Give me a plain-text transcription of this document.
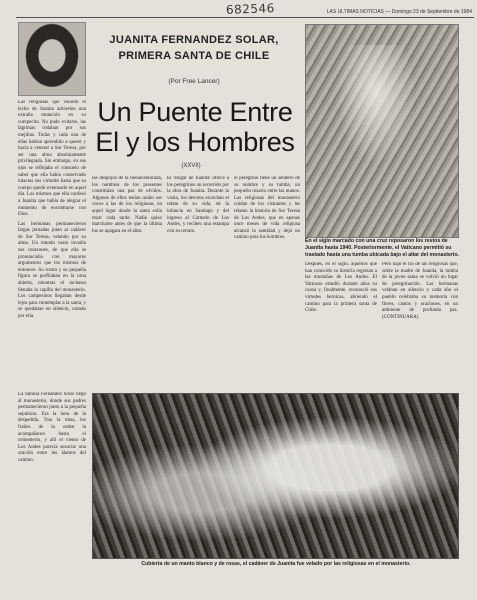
682546	LAS ULTIMAS NOTICIAS — Domingo 23 de Septiembre de 1984
JUANITA FERNANDEZ SOLAR,
PRIMERA SANTA DE CHILE
(Por Free Lancer)
En el siglo marcado con una cruz reposaron los restos de Juanita hasta 1940. Posteriormente, el Vaticano permitió su traslado hasta una tumba ubicada bajo el altar del monasterio.
Un Puente Entre
El y los Hombres
(XXVII)

Las religiosas que velaron el lecho de Juanita advierten una extraña mutación en su cuerpecito. No pudo evitarse, las lágrimas rodaban por sus mejillas. Todas y cada una de ellas habían aprendido a querer y hacia a venerar a Sor Teresa, por ser una alma absolutamente privilegiada. Sin embargo, en sus ojos se reflejaba el consuelo de saber que ella había conservado intactas sus virtudes hasta que su cuerpo quedó extenuado en aquel día. Los mismos que ella confesó a Juanita que había de alegrar el momento de encontrarse con Dios.

Las hermanas permanecieron largas jornadas junto al cadáver de Sor Teresa, velando por su alma. Un mundo vasto invadía sus corazones, de que ella se pronunciaba con mayores argumentos que los mismos de entonces. Su rostro y su pequeña figura se perfilaban en la urna abierta, mientras el incienso llenaba la capilla del monasterio. Los campesinos llegaban desde lejos para contemplar a la santa, y se quedaban en silencio, orando por ella.

La familia Fernández Solar llegó al monasterio, donde sus padres permanecieron junto a la pequeña sepultura. Era la hora de la despedida. Tras la misa, los frailes de la orden la acompañaron hasta el cementerio, y allí el viento de Los Andes parecía susurrar una oración entre los álamos del camino.

las despojos de la bienaventurada, los nombres de los presentes constituían una paz de olvidos. Algunos de ellos tenían unido sus voces a las de los religiosas, en aquel lugar donde la santa solía rezar cada tarde. Nadie quiso marcharse antes de que la última luz se apagara en el altar.

El 'Hogar de Juanita' ofrece a los peregrinos un recorrido por la obra de Juanita. Durante la visita, los devotos escuchan el relato de su vida, de la infancia en Santiago y del ingreso al Carmelo de Los Andes, y reciben una estampa con su retrato.

el peregrino tiene un sendero de su nombre y su tumba, un pequeño rosario entre las manos. Las religiosas del monasterio cuidan de los visitantes y les relatan la historia de Sor Teresa de Los Andes, que en apenas once meses de vida religiosa alcanzó la santidad y dejó un camino para los hombres.

Después, en el siglo, aquellos que han conocido su historia regresan a las montañas de Los Andes. El Vaticano estudió durante años su causa y, finalmente, reconoció sus virtudes heroicas, abriendo el camino para la primera santa de Chile.

Pero bajo el fin de las religiosas que, sobre la madre de Juanita, la tumba de la joven santa se volvió un lugar de peregrinación. Las hermanas velaban en silencio y cada año el pueblo celebraba su memoria con flores, cantos y oraciones, en un ambiente de profunda paz. (CONTINUARA)

Cubierta de un manto blanco y de rosas, el cadáver de Juanita fue velado por las religiosas en el monasterio.
